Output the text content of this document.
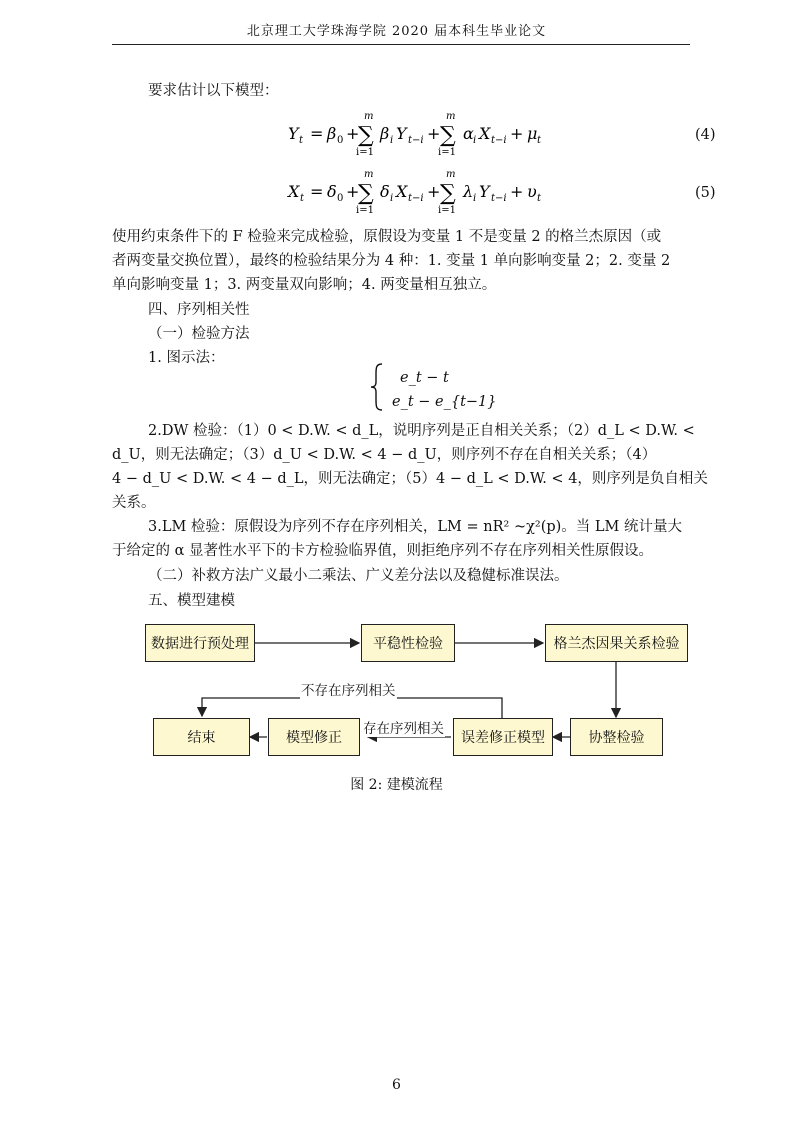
北京理工大学珠海学院 2020 届本科生毕业论文
要求估计以下模型：
Y t = β 0 +
m
∑
i=1
β i Y t−i +
m
∑
i=1
α i X t−i + μ t	(4)
X t = δ 0 +
m
∑
i=1
δ i X t−i +
m
∑
i=1
λ i Y t−i + υ t	(5)
使用约束条件下的 F 检验来完成检验，原假设为变量 1 不是变量 2 的格兰杰原因（或
者两变量交换位置），最终的检验结果分为 4 种：1. 变量 1 单向影响变量 2；2. 变量 2
单向影响变量 1；3. 两变量双向影响；4. 两变量相互独立。
四、序列相关性
（一）检验方法
1. 图示法：
e_t − t
e_t − e_{t−1}
2.DW 检验：（1）0 < D.W. < d_L，说明序列是正自相关关系；（2）d_L < D.W. <
d_U，则无法确定；（3）d_U < D.W. < 4 − d_U，则序列不存在自相关关系；（4）
4 − d_U < D.W. < 4 − d_L，则无法确定；（5）4 − d_L < D.W. < 4，则序列是负自相关
关系。
3.LM 检验：原假设为序列不存在序列相关，LM = nR² ~χ²(p)。当 LM 统计量大
于给定的 α 显著性水平下的卡方检验临界值，则拒绝序列不存在序列相关性原假设。
（二）补救方法广义最小二乘法、广义差分法以及稳健标准误法。
五、模型建模
数据进行预处理	平稳性检验	格兰杰因果关系检验
协整检验
误差修正模型
模型修正
结束
不存在序列相关
存在序列相关
图 2: 建模流程
6
